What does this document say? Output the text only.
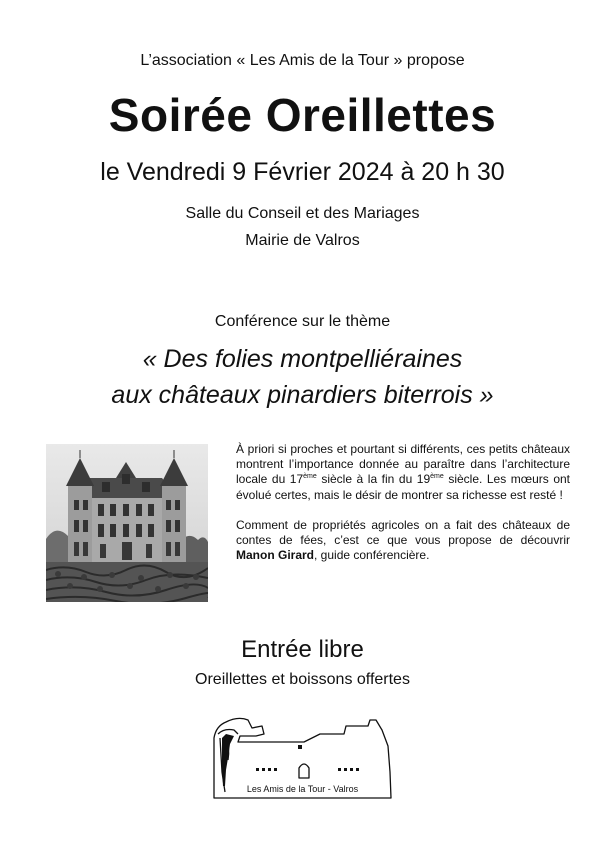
L’association « Les Amis de la Tour » propose
Soirée Oreillettes
le Vendredi 9 Février 2024 à 20 h 30
Salle du Conseil et des Mariages
Mairie de Valros
Conférence sur le thème
« Des folies montpelliéraines
aux châteaux pinardiers biterrois »

À priori si proches et pourtant si différents, ces petits châteaux montrent l’importance donnée au paraître dans l’architecture locale du 17ème siècle à la fin du 19ème siècle. Les mœurs ont évolué certes, mais le désir de montrer sa richesse est resté !

Comment de propriétés agricoles on a fait des châteaux de contes de fées, c’est ce que vous propose de découvrir Manon Girard, guide conférencière.

Entrée libre
Oreillettes et boissons offertes
Les Amis de la Tour - Valros
